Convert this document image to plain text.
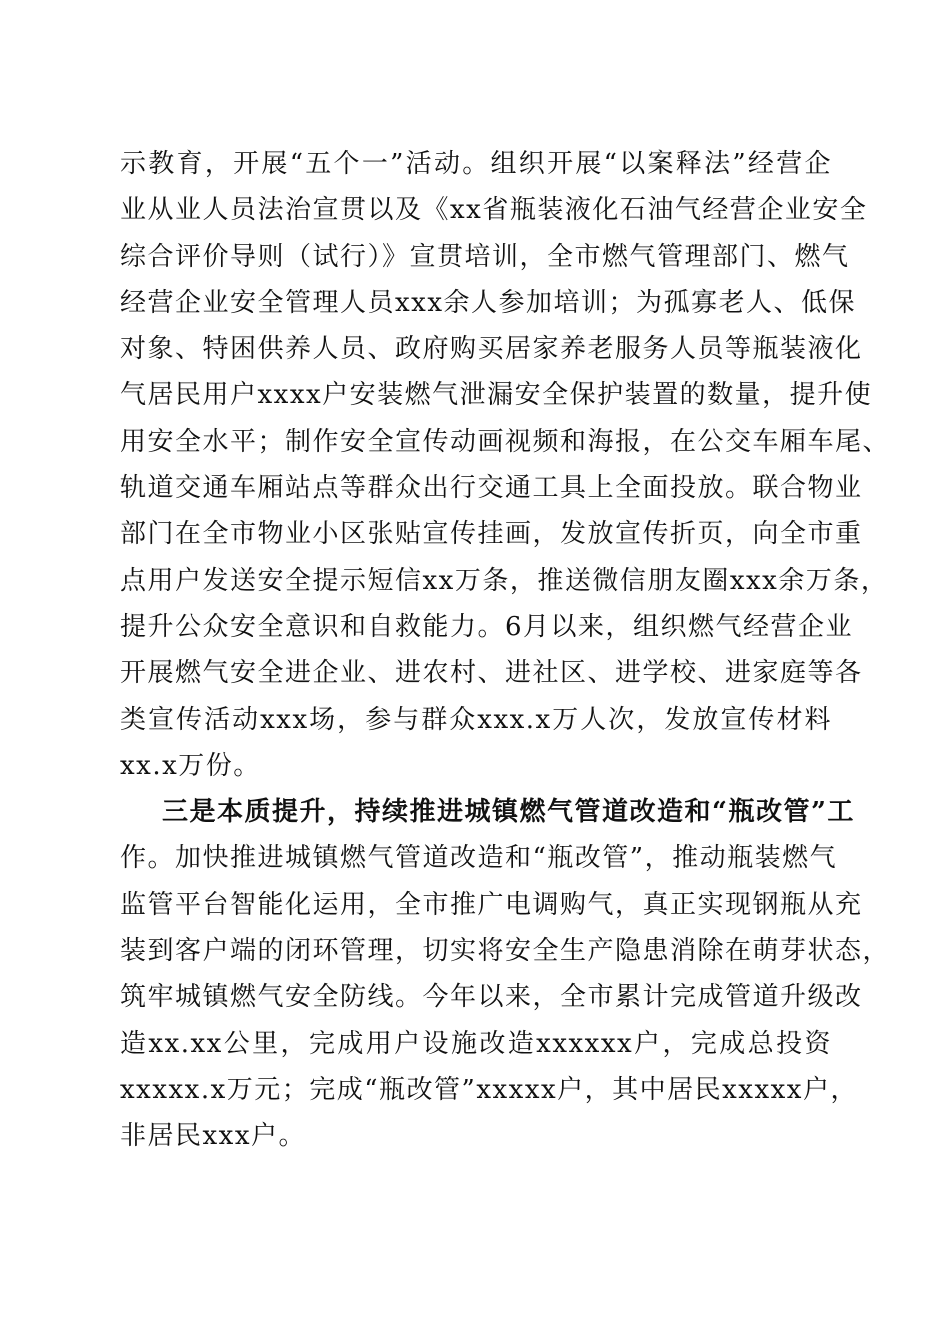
示教育，开展“五个一”活动。组织开展“以案释法”经营企
业从业人员法治宣贯以及《xx省瓶装液化石油气经营企业安全
综合评价导则（试行）》宣贯培训，全市燃气管理部门、燃气
经营企业安全管理人员xxx余人参加培训；为孤寡老人、低保
对象、特困供养人员、政府购买居家养老服务人员等瓶装液化
气居民用户xxxx户安装燃气泄漏安全保护装置的数量，提升使
用安全水平；制作安全宣传动画视频和海报，在公交车厢车尾、
轨道交通车厢站点等群众出行交通工具上全面投放。联合物业
部门在全市物业小区张贴宣传挂画，发放宣传折页，向全市重
点用户发送安全提示短信xx万条，推送微信朋友圈xxx余万条，
提升公众安全意识和自救能力。6月以来，组织燃气经营企业
开展燃气安全进企业、进农村、进社区、进学校、进家庭等各
类宣传活动xxx场，参与群众xxx.x万人次，发放宣传材料
xx.x万份。
三是本质提升，持续推进城镇燃气管道改造和“瓶改管”工
作。加快推进城镇燃气管道改造和“瓶改管”，推动瓶装燃气
监管平台智能化运用，全市推广电调购气，真正实现钢瓶从充
装到客户端的闭环管理，切实将安全生产隐患消除在萌芽状态，
筑牢城镇燃气安全防线。今年以来，全市累计完成管道升级改
造xx.xx公里，完成用户设施改造xxxxxx户，完成总投资
xxxxx.x万元；完成“瓶改管”xxxxx户，其中居民xxxxx户，
非居民xxx户。
